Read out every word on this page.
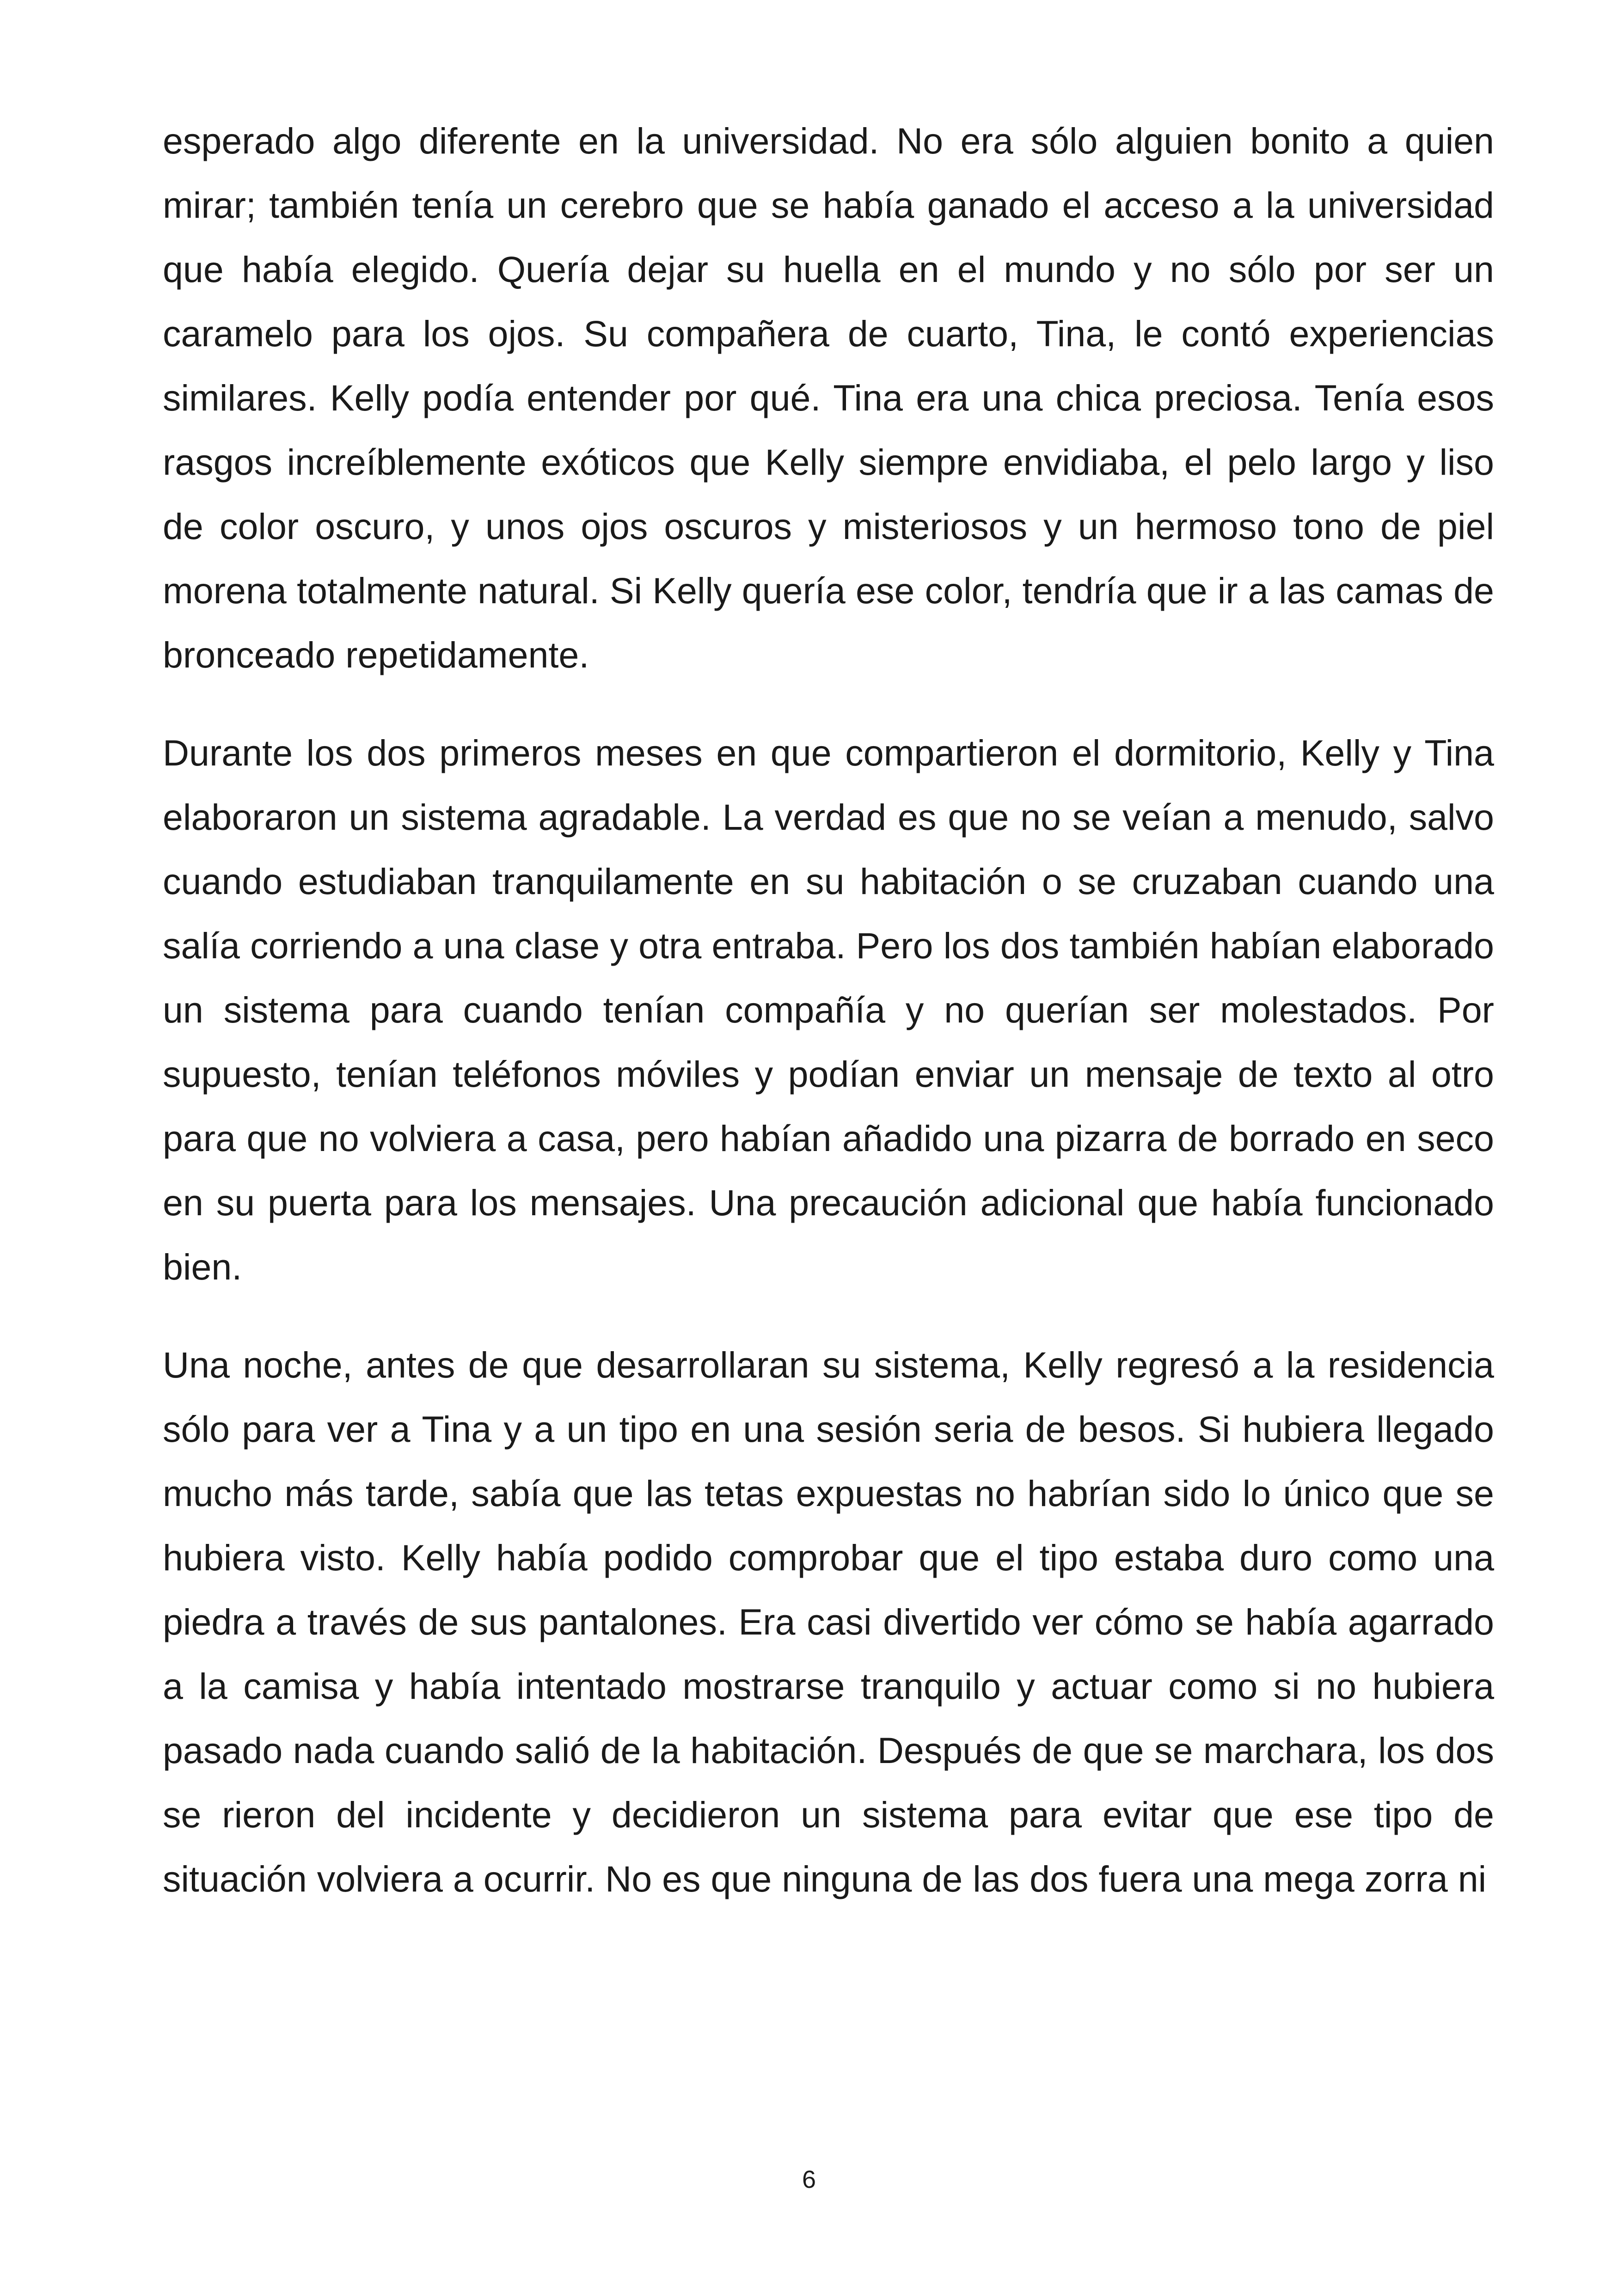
esperado algo diferente en la universidad. No era sólo alguien bonito a quien mirar; también tenía un cerebro que se había ganado el acceso a la universidad que había elegido. Quería dejar su huella en el mundo y no sólo por ser un caramelo para los ojos. Su compañera de cuarto, Tina, le contó experiencias similares. Kelly podía entender por qué. Tina era una chica preciosa. Tenía esos rasgos increíblemente exóticos que Kelly siempre envidiaba, el pelo largo y liso de color oscuro, y unos ojos oscuros y misteriosos y un hermoso tono de piel morena totalmente natural. Si Kelly quería ese color, tendría que ir a las camas de bronceado repetidamente.

Durante los dos primeros meses en que compartieron el dormitorio, Kelly y Tina elaboraron un sistema agradable. La verdad es que no se veían a menudo, salvo cuando estudiaban tranquilamente en su habitación o se cruzaban cuando una salía corriendo a una clase y otra entraba. Pero los dos también habían elaborado un sistema para cuando tenían compañía y no querían ser molestados. Por supuesto, tenían teléfonos móviles y podían enviar un mensaje de texto al otro para que no volviera a casa, pero habían añadido una pizarra de borrado en seco en su puerta para los mensajes. Una precaución adicional que había funcionado bien.

Una noche, antes de que desarrollaran su sistema, Kelly regresó a la residencia sólo para ver a Tina y a un tipo en una sesión seria de besos. Si hubiera llegado mucho más tarde, sabía que las tetas expuestas no habrían sido lo único que se hubiera visto. Kelly había podido comprobar que el tipo estaba duro como una piedra a través de sus pantalones. Era casi divertido ver cómo se había agarrado a la camisa y había intentado mostrarse tranquilo y actuar como si no hubiera pasado nada cuando salió de la habitación. Después de que se marchara, los dos se rieron del incidente y decidieron un sistema para evitar que ese tipo de situación volviera a ocurrir. No es que ninguna de las dos fuera una mega zorra ni

6
